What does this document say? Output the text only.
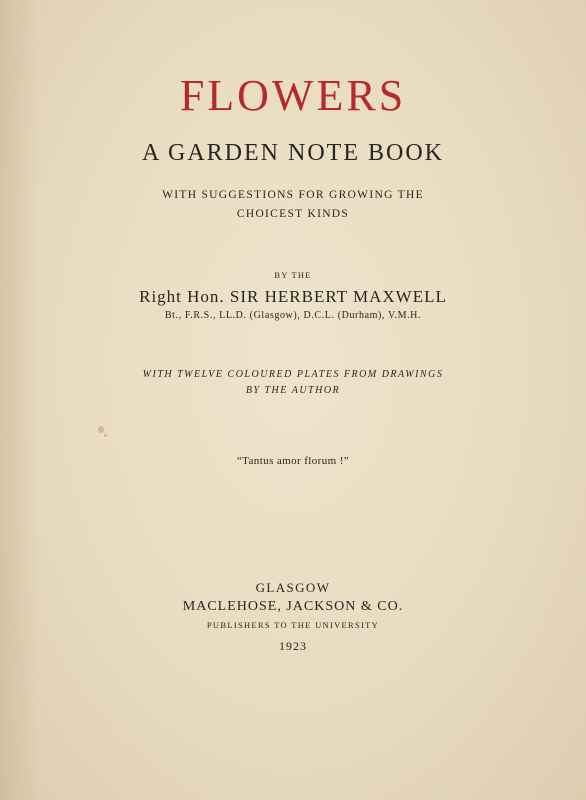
FLOWERS
A GARDEN NOTE BOOK
WITH SUGGESTIONS FOR GROWING THE
CHOICEST KINDS
BY THE
Right Hon. SIR HERBERT MAXWELL
Bt., F.R.S., LL.D. (Glasgow), D.C.L. (Durham), V.M.H.
WITH TWELVE COLOURED PLATES FROM DRAWINGS
BY THE AUTHOR
“Tantus amor florum !”
GLASGOW
MACLEHOSE, JACKSON & CO.
PUBLISHERS TO THE UNIVERSITY
1923
